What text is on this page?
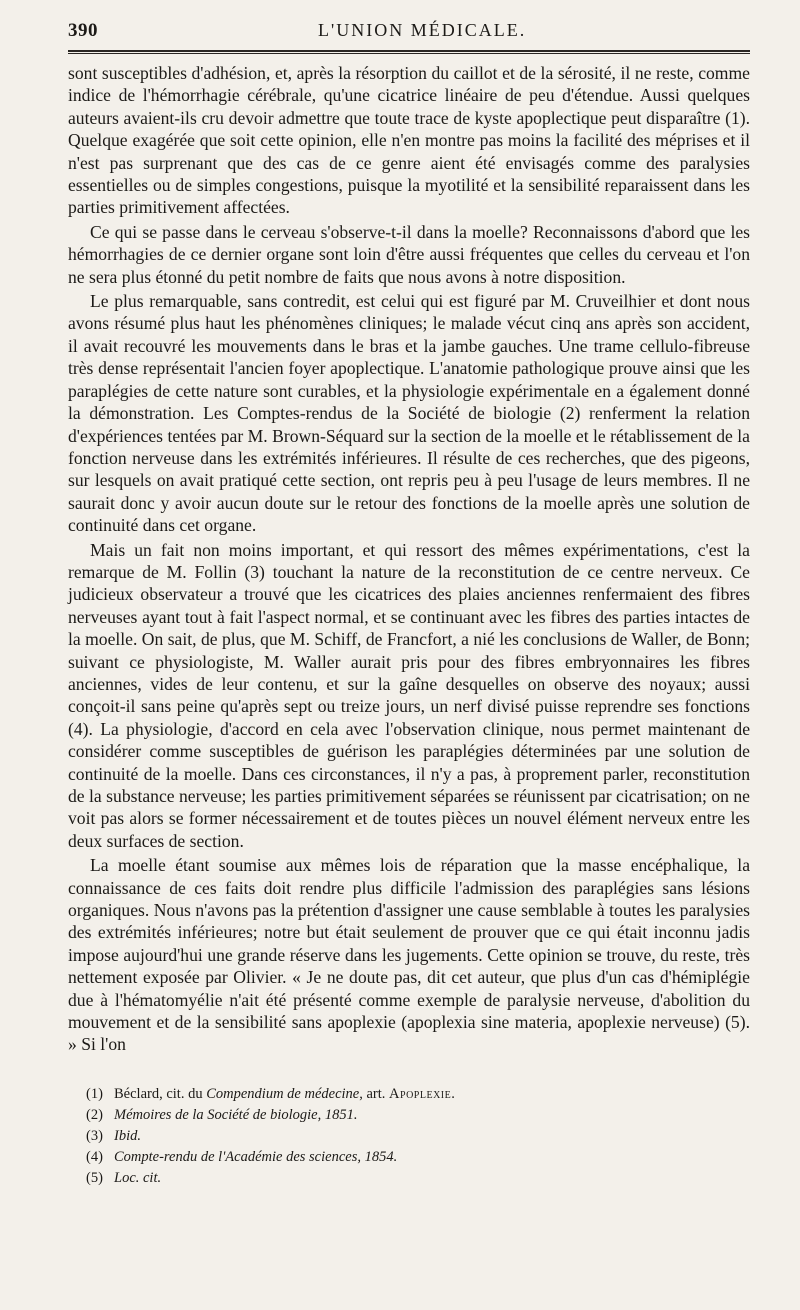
390	L'UNION MÉDICALE.

sont susceptibles d'adhésion, et, après la résorption du caillot et de la sérosité, il ne reste, comme indice de l'hémorrhagie cérébrale, qu'une cicatrice linéaire de peu d'étendue. Aussi quelques auteurs avaient-ils cru devoir admettre que toute trace de kyste apoplectique peut disparaître (1). Quelque exagérée que soit cette opinion, elle n'en montre pas moins la facilité des méprises et il n'est pas surprenant que des cas de ce genre aient été envisagés comme des paralysies essentielles ou de simples congestions, puisque la myotilité et la sensibilité reparaissent dans les parties primitivement affectées.

Ce qui se passe dans le cerveau s'observe-t-il dans la moelle? Reconnaissons d'abord que les hémorrhagies de ce dernier organe sont loin d'être aussi fréquentes que celles du cerveau et l'on ne sera plus étonné du petit nombre de faits que nous avons à notre disposition.

Le plus remarquable, sans contredit, est celui qui est figuré par M. Cruveilhier et dont nous avons résumé plus haut les phénomènes cliniques; le malade vécut cinq ans après son accident, il avait recouvré les mouvements dans le bras et la jambe gauches. Une trame cellulo-fibreuse très dense représentait l'ancien foyer apoplectique. L'anatomie pathologique prouve ainsi que les paraplégies de cette nature sont curables, et la physiologie expérimentale en a également donné la démonstration. Les Comptes-rendus de la Société de biologie (2) renferment la relation d'expériences tentées par M. Brown-Séquard sur la section de la moelle et le rétablissement de la fonction nerveuse dans les extrémités inférieures. Il résulte de ces recherches, que des pigeons, sur lesquels on avait pratiqué cette section, ont repris peu à peu l'usage de leurs membres. Il ne saurait donc y avoir aucun doute sur le retour des fonctions de la moelle après une solution de continuité dans cet organe.

Mais un fait non moins important, et qui ressort des mêmes expérimentations, c'est la remarque de M. Follin (3) touchant la nature de la reconstitution de ce centre nerveux. Ce judicieux observateur a trouvé que les cicatrices des plaies anciennes renfermaient des fibres nerveuses ayant tout à fait l'aspect normal, et se continuant avec les fibres des parties intactes de la moelle. On sait, de plus, que M. Schiff, de Francfort, a nié les conclusions de Waller, de Bonn; suivant ce physiologiste, M. Waller aurait pris pour des fibres embryonnaires les fibres anciennes, vides de leur contenu, et sur la gaîne desquelles on observe des noyaux; aussi conçoit-il sans peine qu'après sept ou treize jours, un nerf divisé puisse reprendre ses fonctions (4). La physiologie, d'accord en cela avec l'observation clinique, nous permet maintenant de considérer comme susceptibles de guérison les paraplégies déterminées par une solution de continuité de la moelle. Dans ces circonstances, il n'y a pas, à proprement parler, reconstitution de la substance nerveuse; les parties primitivement séparées se réunissent par cicatrisation; on ne voit pas alors se former nécessairement et de toutes pièces un nouvel élément nerveux entre les deux surfaces de section.

La moelle étant soumise aux mêmes lois de réparation que la masse encéphalique, la connaissance de ces faits doit rendre plus difficile l'admission des paraplégies sans lésions organiques. Nous n'avons pas la prétention d'assigner une cause semblable à toutes les paralysies des extrémités inférieures; notre but était seulement de prouver que ce qui était inconnu jadis impose aujourd'hui une grande réserve dans les jugements. Cette opinion se trouve, du reste, très nettement exposée par Olivier. « Je ne doute pas, dit cet auteur, que plus d'un cas d'hémiplégie due à l'hématomyélie n'ait été présenté comme exemple de paralysie nerveuse, d'abolition du mouvement et de la sensibilité sans apoplexie (apoplexia sine materia, apoplexie nerveuse) (5). » Si l'on

(1) Béclard, cit. du Compendium de médecine, art. Apoplexie.
(2) Mémoires de la Société de biologie, 1851.
(3) Ibid.
(4) Compte-rendu de l'Académie des sciences, 1854.
(5) Loc. cit.
